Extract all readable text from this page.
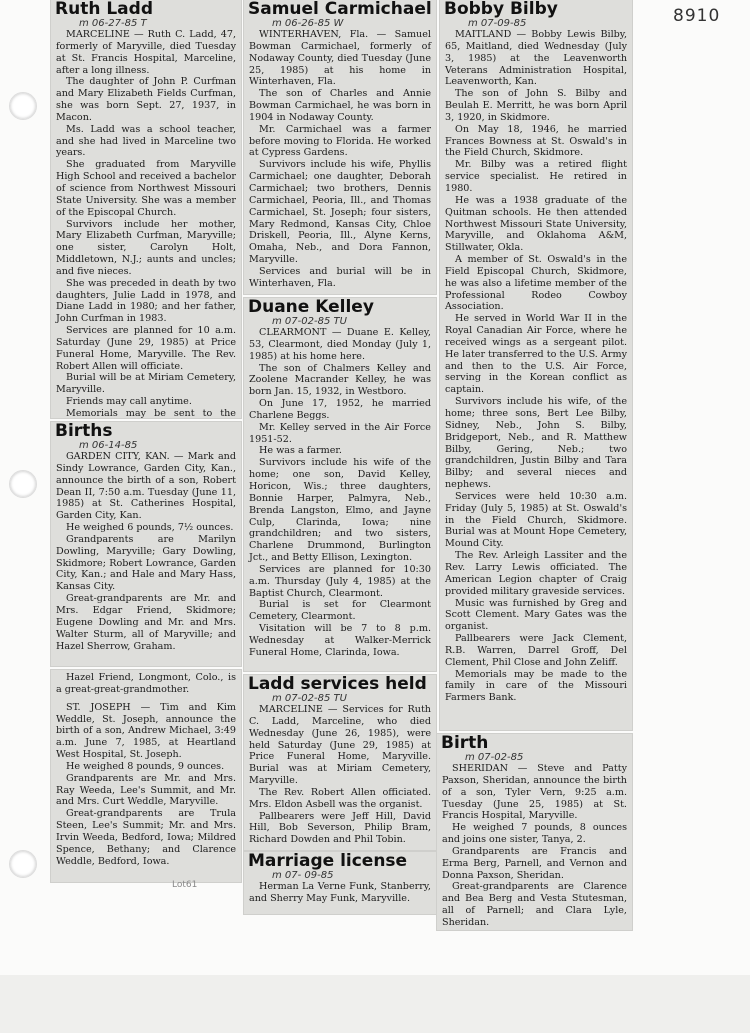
8910
Ruth Ladd
m 06-27-85 T

MARCELINE — Ruth C. Ladd, 47, formerly of Maryville, died Tuesday at St. Francis Hospital, Marceline, after a long illness.

The daughter of John P. Curfman and Mary Elizabeth Fields Curfman, she was born Sept. 27, 1937, in Macon.

Ms. Ladd was a school teacher, and she had lived in Marceline two years.

She graduated from Maryville High School and received a bachelor of science from Northwest Missouri State University. She was a member of the Episcopal Church.

Survivors include her mother, Mary Elizabeth Curfman, Maryville; one sister, Carolyn Holt, Middletown, N.J.; aunts and uncles; and five nieces.

She was preceded in death by two daughters, Julie Ladd in 1978, and Diane Ladd in 1980; and her father, John Curfman in 1983.

Services are planned for 10 a.m. Saturday (June 29, 1985) at Price Funeral Home, Maryville. The Rev. Robert Allen will officiate.

Burial will be at Miriam Cemetery, Maryville.

Friends may call anytime.

Memorials may be sent to the

Births
m 06-14-85

GARDEN CITY, KAN. — Mark and Sindy Lowrance, Garden City, Kan., announce the birth of a son, Robert Dean II, 7:50 a.m. Tuesday (June 11, 1985) at St. Catherines Hospital, Garden City, Kan.

He weighed 6 pounds, 7½ ounces.

Grandparents are Marilyn Dowling, Maryville; Gary Dowling, Skidmore; Robert Lowrance, Garden City, Kan.; and Hale and Mary Hass, Kansas City.

Great-grandparents are Mr. and Mrs. Edgar Friend, Skidmore; Eugene Dowling and Mr. and Mrs. Walter Sturm, all of Maryville; and Hazel Sherrow, Graham.

Hazel Friend, Longmont, Colo., is a great-great-grandmother.

ST. JOSEPH — Tim and Kim Weddle, St. Joseph, announce the birth of a son, Andrew Michael, 3:49 a.m. June 7, 1985, at Heartland West Hospital, St. Joseph.

He weighed 8 pounds, 9 ounces.

Grandparents are Mr. and Mrs. Ray Weeda, Lee's Summit, and Mr. and Mrs. Curt Weddle, Maryville.

Great-grandparents are Trula Steen, Lee's Summit; Mr. and Mrs. Irvin Weeda, Bedford, Iowa; Mildred Spence, Bethany; and Clarence Weddle, Bedford, Iowa.

Lot61
Samuel Carmichael
m 06-26-85 W

WINTERHAVEN, Fla. — Samuel Bowman Carmichael, formerly of Nodaway County, died Tuesday (June 25, 1985) at his home in Winterhaven, Fla.

The son of Charles and Annie Bowman Carmichael, he was born in 1904 in Nodaway County.

Mr. Carmichael was a farmer before moving to Florida. He worked at Cypress Gardens.

Survivors include his wife, Phyllis Carmichael; one daughter, Deborah Carmichael; two brothers, Dennis Carmichael, Peoria, Ill., and Thomas Carmichael, St. Joseph; four sisters, Mary Redmond, Kansas City, Chloe Driskell, Peoria, Ill., Alyne Kerns, Omaha, Neb., and Dora Fannon, Maryville.

Services and burial will be in Winterhaven, Fla.

Duane Kelley
m 07-02-85 TU

CLEARMONT — Duane E. Kelley, 53, Clearmont, died Monday (July 1, 1985) at his home here.

The son of Chalmers Kelley and Zoolene Macrander Kelley, he was born Jan. 15, 1932, in Westboro.

On June 17, 1952, he married Charlene Beggs.

Mr. Kelley served in the Air Force 1951-52.

He was a farmer.

Survivors include his wife of the home; one son, David Kelley, Horicon, Wis.; three daughters, Bonnie Harper, Palmyra, Neb., Brenda Langston, Elmo, and Jayne Culp, Clarinda, Iowa; nine grandchildren; and two sisters, Charlene Drummond, Burlington Jct., and Betty Ellison, Lexington.

Services are planned for 10:30 a.m. Thursday (July 4, 1985) at the Baptist Church, Clearmont.

Burial is set for Clearmont Cemetery, Clearmont.

Visitation will be 7 to 8 p.m. Wednesday at Walker-Merrick Funeral Home, Clarinda, Iowa.

Ladd services held
m 07-02-85 TU

MARCELINE — Services for Ruth C. Ladd, Marceline, who died Wednesday (June 26, 1985), were held Saturday (June 29, 1985) at Price Funeral Home, Maryville. Burial was at Miriam Cemetery, Maryville.

The Rev. Robert Allen officiated. Mrs. Eldon Asbell was the organist.

Pallbearers were Jeff Hill, David Hill, Bob Severson, Philip Bram, Richard Dowden and Phil Tobin.

Marriage license
m 07- 09-85

Herman La Verne Funk, Stanberry, and Sherry May Funk, Maryville.

Bobby Bilby
m 07-09-85

MAITLAND — Bobby Lewis Bilby, 65, Maitland, died Wednesday (July 3, 1985) at the Leavenworth Veterans Administration Hospital, Leavenworth, Kan.

The son of John S. Bilby and Beulah E. Merritt, he was born April 3, 1920, in Skidmore.

On May 18, 1946, he married Frances Bowness at St. Oswald's in the Field Church, Skidmore.

Mr. Bilby was a retired flight service specialist. He retired in 1980.

He was a 1938 graduate of the Quitman schools. He then attended Northwest Missouri State University, Maryville, and Oklahoma A&M, Stillwater, Okla.

A member of St. Oswald's in the Field Episcopal Church, Skidmore, he was also a lifetime member of the Professional Rodeo Cowboy Association.

He served in World War II in the Royal Canadian Air Force, where he received wings as a sergeant pilot. He later transferred to the U.S. Army and then to the U.S. Air Force, serving in the Korean conflict as captain.

Survivors include his wife, of the home; three sons, Bert Lee Bilby, Sidney, Neb., John S. Bilby, Bridgeport, Neb., and R. Matthew Bilby, Gering, Neb.; two grandchildren, Justin Bilby and Tara Bilby; and several nieces and nephews.

Services were held 10:30 a.m. Friday (July 5, 1985) at St. Oswald's in the Field Church, Skidmore. Burial was at Mount Hope Cemetery, Mound City.

The Rev. Arleigh Lassiter and the Rev. Larry Lewis officiated. The American Legion chapter of Craig provided military graveside services.

Music was furnished by Greg and Scott Clement. Mary Gates was the organist.

Pallbearers were Jack Clement, R.B. Warren, Darrel Groff, Del Clement, Phil Close and John Zeliff.

Memorials may be made to the family in care of the Missouri Farmers Bank.

Birth
m 07-02-85

SHERIDAN — Steve and Patty Paxson, Sheridan, announce the birth of a son, Tyler Vern, 9:25 a.m. Tuesday (June 25, 1985) at St. Francis Hospital, Maryville.

He weighed 7 pounds, 8 ounces and joins one sister, Tanya, 2.

Grandparents are Francis and Erma Berg, Parnell, and Vernon and Donna Paxson, Sheridan.

Great-grandparents are Clarence and Bea Berg and Vesta Stutesman, all of Parnell; and Clara Lyle, Sheridan.
